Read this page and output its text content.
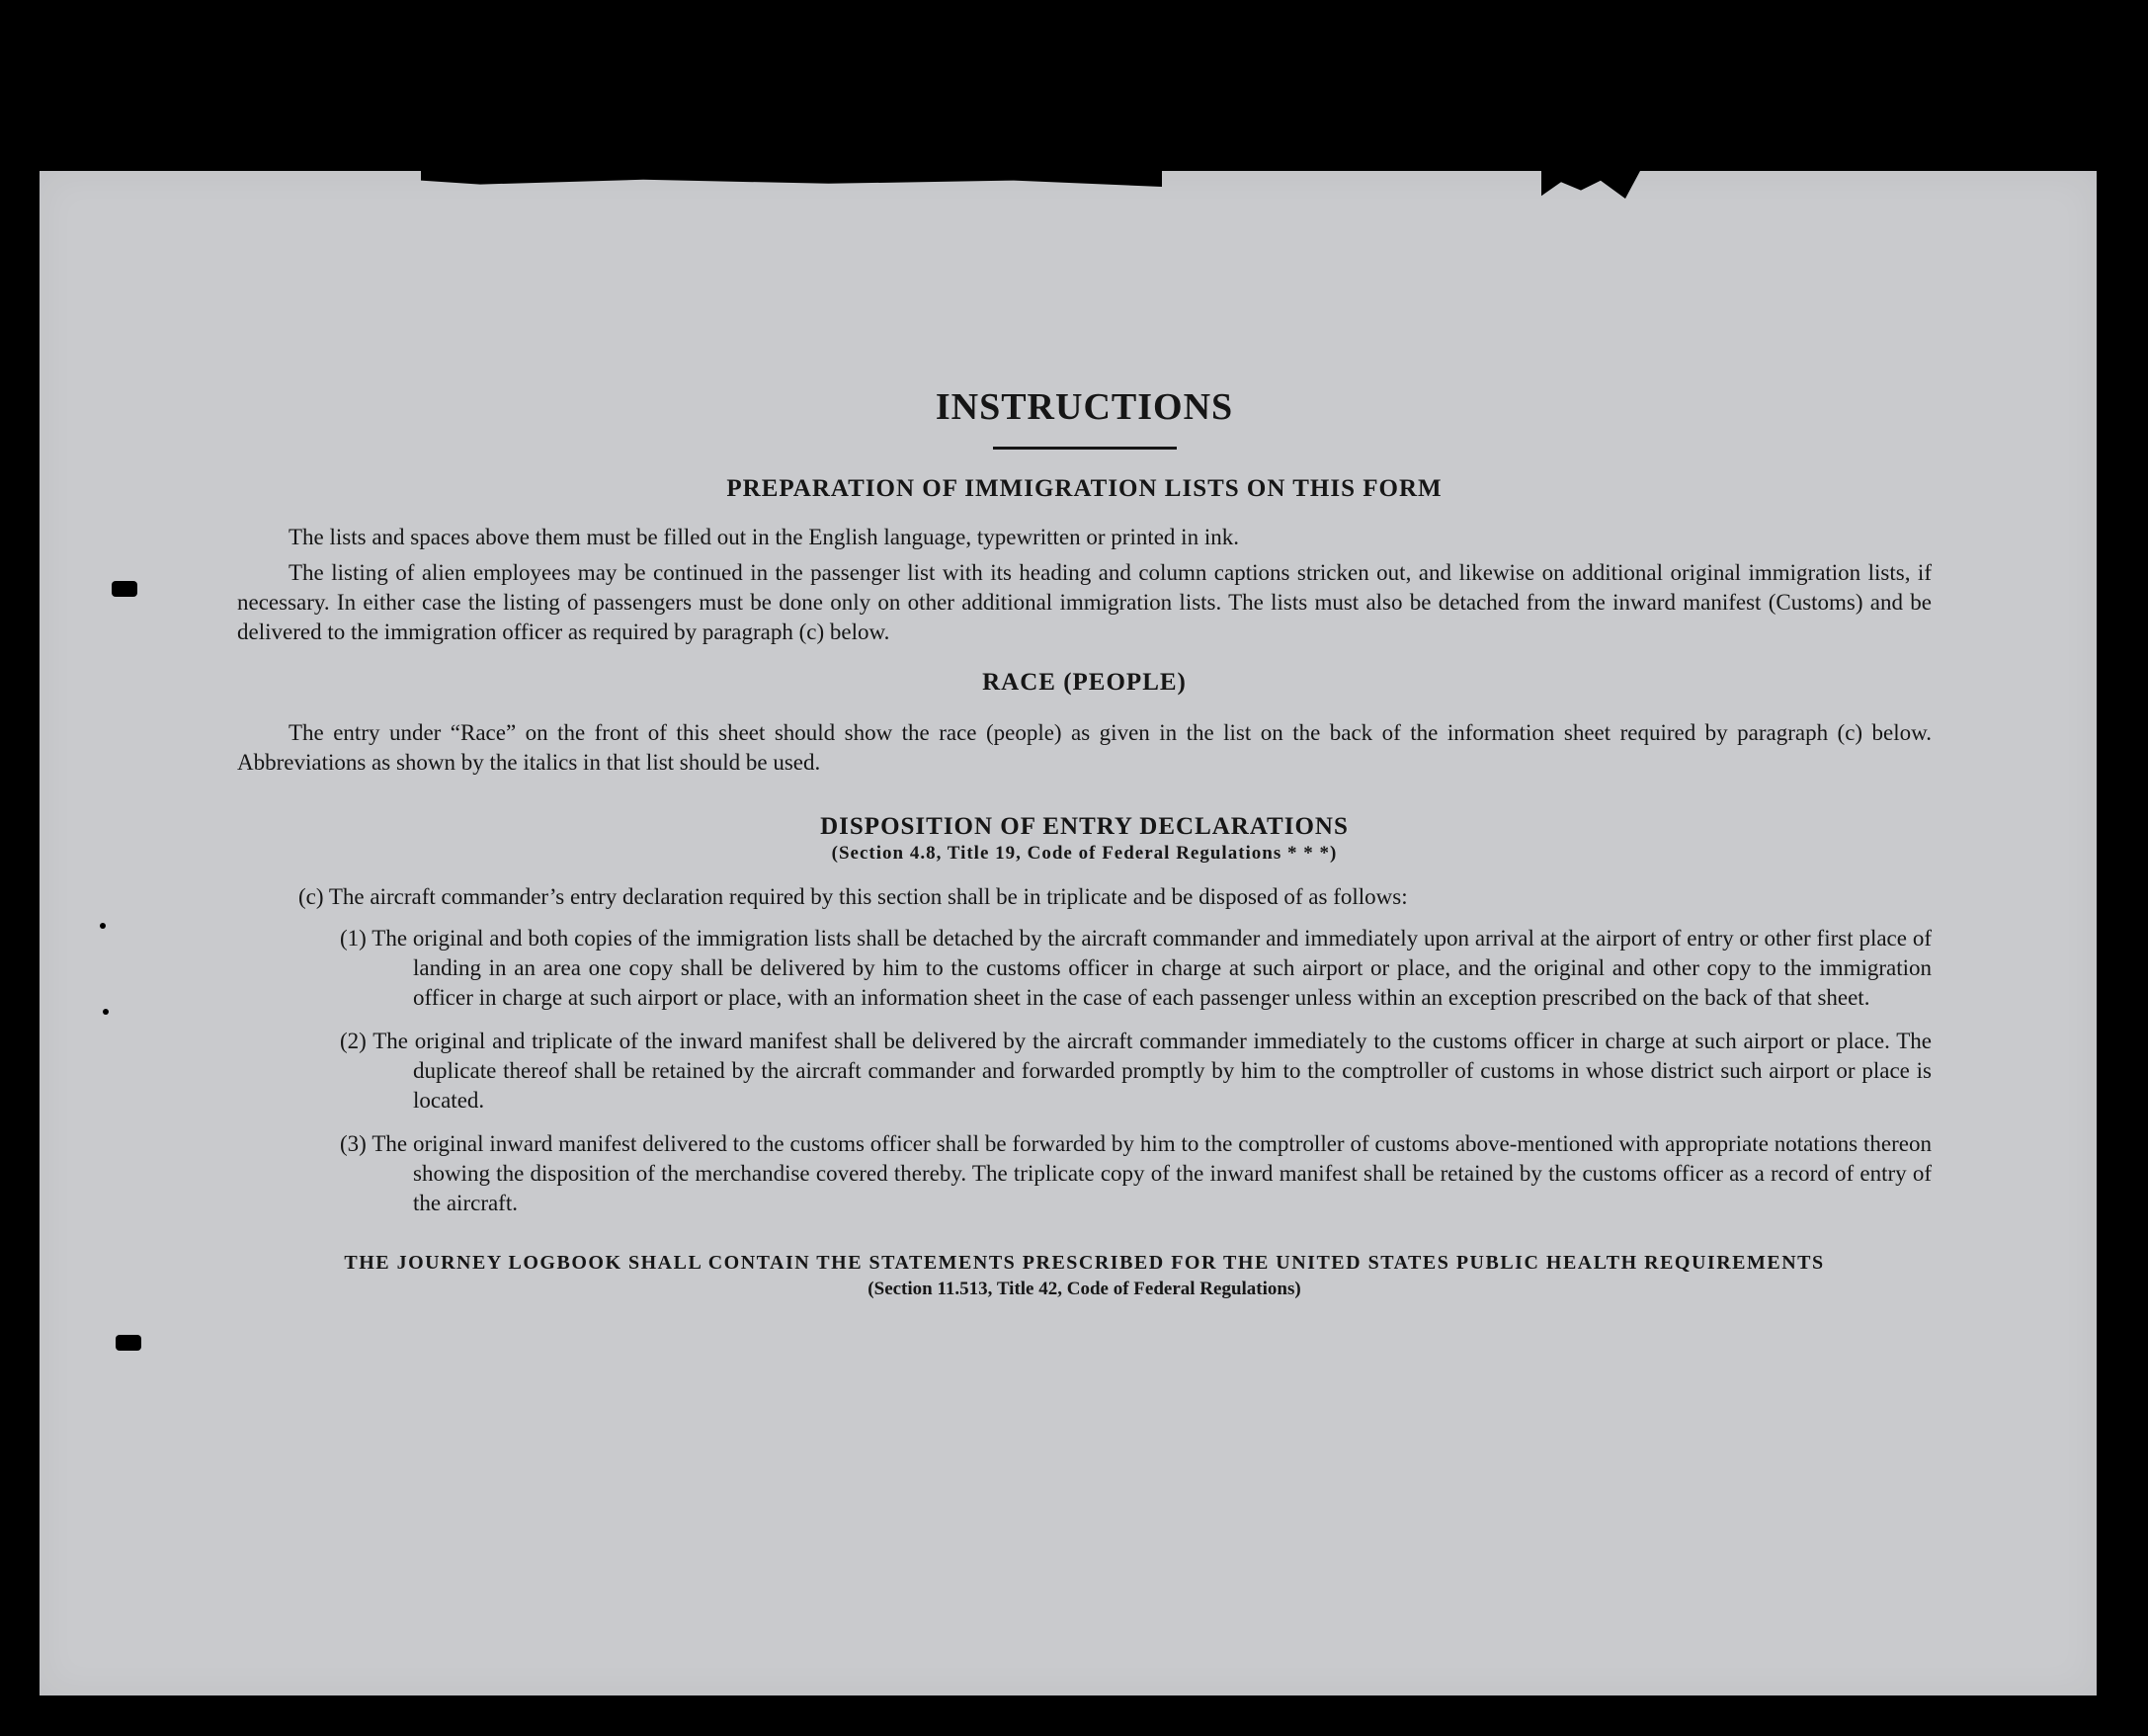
INSTRUCTIONS
PREPARATION OF IMMIGRATION LISTS ON THIS FORM

The lists and spaces above them must be filled out in the English language, typewritten or printed in ink.

The listing of alien employees may be continued in the passenger list with its heading and column captions stricken out, and likewise on additional original immigration lists, if necessary. In either case the listing of passengers must be done only on other additional immigration lists. The lists must also be detached from the inward manifest (Customs) and be delivered to the immigration officer as required by paragraph (c) below.

RACE (PEOPLE)

The entry under “Race” on the front of this sheet should show the race (people) as given in the list on the back of the information sheet required by paragraph (c) below. Abbreviations as shown by the italics in that list should be used.

DISPOSITION OF ENTRY DECLARATIONS

(Section 4.8, Title 19, Code of Federal Regulations * * *)

(c) The aircraft commander’s entry declaration required by this section shall be in triplicate and be disposed of as follows:

(1) The original and both copies of the immigration lists shall be detached by the aircraft commander and immediately upon arrival at the airport of entry or other first place of landing in an area one copy shall be delivered by him to the customs officer in charge at such airport or place, and the original and other copy to the immigration officer in charge at such airport or place, with an information sheet in the case of each passenger unless within an exception prescribed on the back of that sheet.

(2) The original and triplicate of the inward manifest shall be delivered by the aircraft commander immediately to the customs officer in charge at such airport or place. The duplicate thereof shall be retained by the aircraft commander and forwarded promptly by him to the comptroller of customs in whose district such airport or place is located.

(3) The original inward manifest delivered to the customs officer shall be forwarded by him to the comptroller of customs above-mentioned with appropriate notations thereon showing the disposition of the merchandise covered thereby. The triplicate copy of the inward manifest shall be retained by the customs officer as a record of entry of the aircraft.

THE JOURNEY LOGBOOK SHALL CONTAIN THE STATEMENTS PRESCRIBED FOR THE UNITED STATES PUBLIC HEALTH REQUIREMENTS

(Section 11.513, Title 42, Code of Federal Regulations)
